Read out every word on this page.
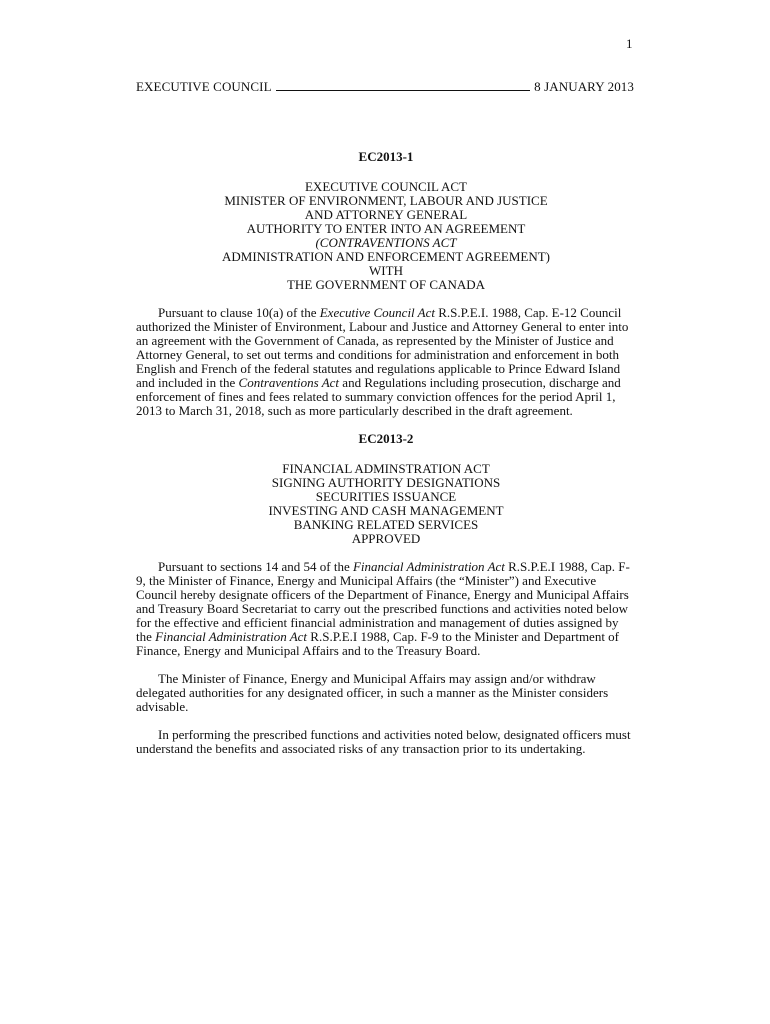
1
EXECUTIVE COUNCIL	8 JANUARY 2013
EC2013-1
EXECUTIVE COUNCIL ACT
MINISTER OF ENVIRONMENT, LABOUR AND JUSTICE
AND ATTORNEY GENERAL
AUTHORITY TO ENTER INTO AN AGREEMENT
(CONTRAVENTIONS ACT
ADMINISTRATION AND ENFORCEMENT AGREEMENT)
WITH
THE GOVERNMENT OF CANADA

Pursuant to clause 10(a) of the Executive Council Act R.S.P.E.I. 1988, Cap. E-12 Council authorized the Minister of Environment, Labour and Justice and Attorney General to enter into an agreement with the Government of Canada, as represented by the Minister of Justice and Attorney General, to set out terms and conditions for administration and enforcement in both English and French of the federal statutes and regulations applicable to Prince Edward Island and included in the Contraventions Act and Regulations including prosecution, discharge and enforcement of fines and fees related to summary conviction offences for the period April 1, 2013 to March 31, 2018, such as more particularly described in the draft agreement.

EC2013-2
FINANCIAL ADMINSTRATION ACT
SIGNING AUTHORITY DESIGNATIONS
SECURITIES ISSUANCE
INVESTING AND CASH MANAGEMENT
BANKING RELATED SERVICES
APPROVED

Pursuant to sections 14 and 54 of the Financial Administration Act R.S.P.E.I 1988, Cap. F-9, the Minister of Finance, Energy and Municipal Affairs (the “Minister”) and Executive Council hereby designate officers of the Department of Finance, Energy and Municipal Affairs and Treasury Board Secretariat to carry out the prescribed functions and activities noted below for the effective and efficient financial administration and management of duties assigned by the Financial Administration Act R.S.P.E.I 1988, Cap. F-9 to the Minister and Department of Finance, Energy and Municipal Affairs and to the Treasury Board.

The Minister of Finance, Energy and Municipal Affairs may assign and/or withdraw delegated authorities for any designated officer, in such a manner as the Minister considers advisable.

In performing the prescribed functions and activities noted below, designated officers must understand the benefits and associated risks of any transaction prior to its undertaking.
